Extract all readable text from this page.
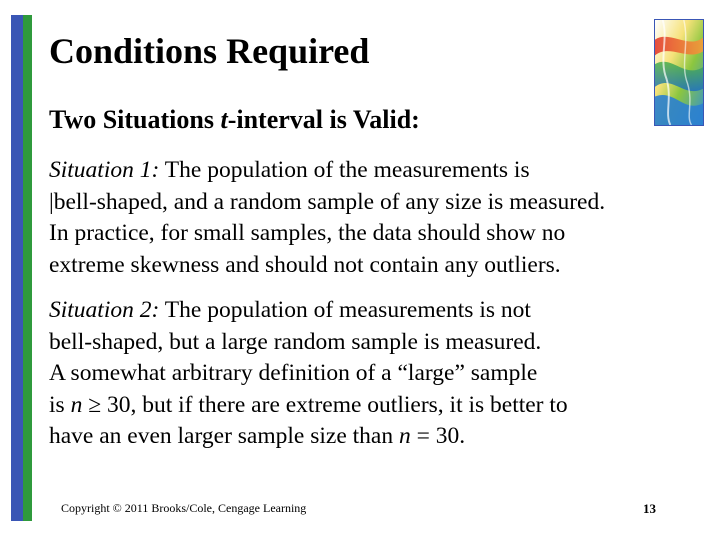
Conditions Required
Two Situations t-interval is Valid:
Situation 1: The population of the measurements is
|bell-shaped, and a random sample of any size is measured.
In practice, for small samples, the data should show no
extreme skewness and should not contain any outliers.
Situation 2: The population of measurements is not
bell-shaped, but a large random sample is measured.
A somewhat arbitrary definition of a “large” sample
is n ≥ 30, but if there are extreme outliers, it is better to
have an even larger sample size than n = 30.
Copyright © 2011 Brooks/Cole, Cengage Learning	13
